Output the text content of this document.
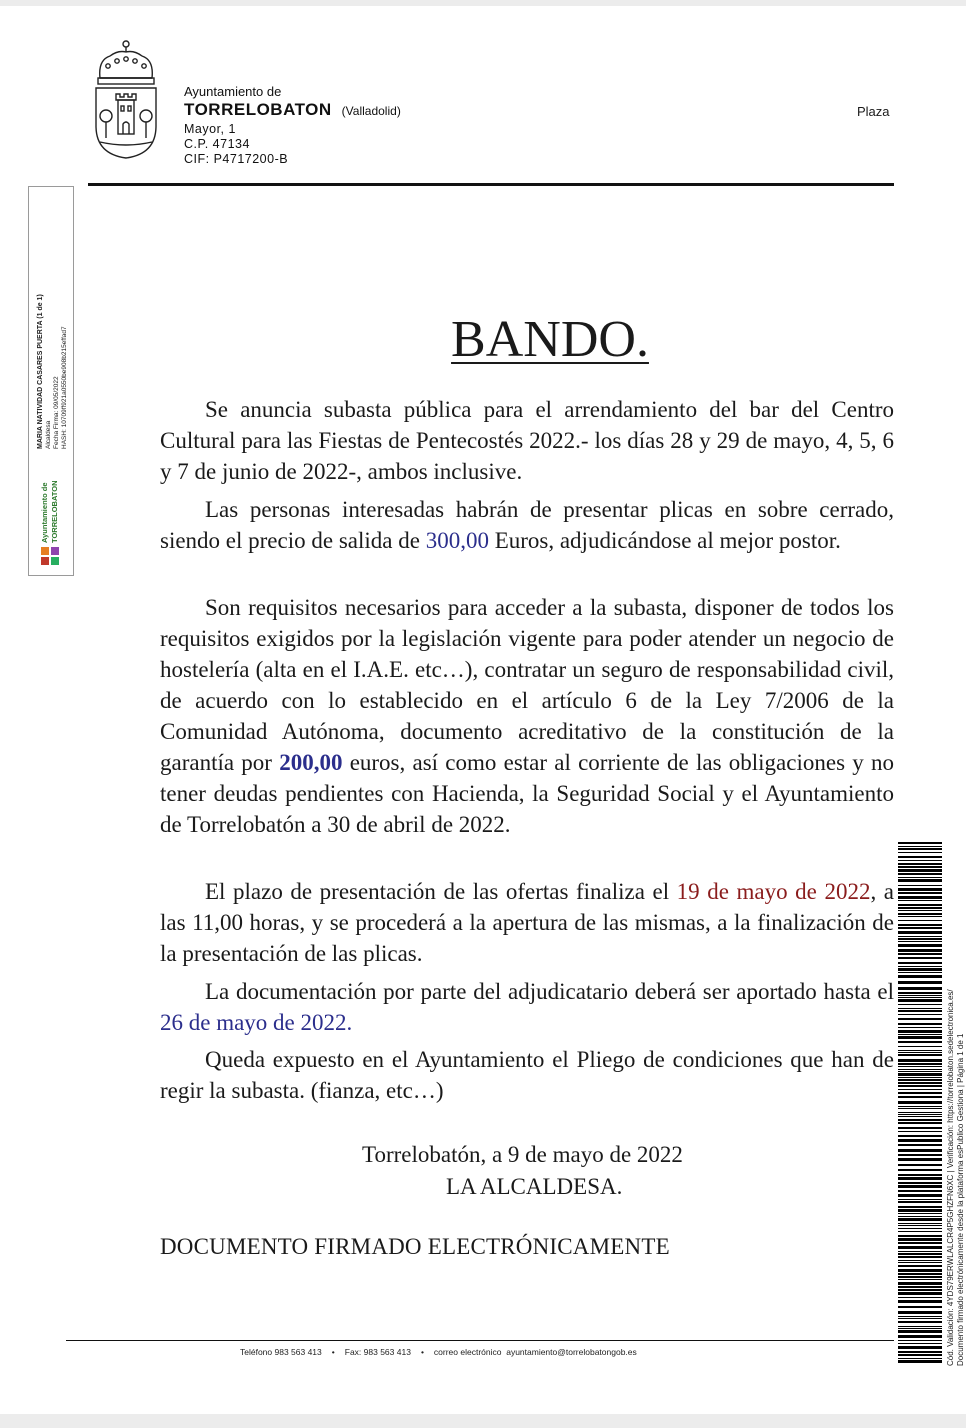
Ayuntamiento de
TORRELOBATON (Valladolid)
Mayor, 1
C.P. 47134
CIF: P4717200-B
Plaza
Ayuntamiento de TORRELOBATON
MARIA NATIVIDAD CASARES PUERTA (1 de 1) Alcaldesa Fecha Firma: 09/05/2022 HASH: 10709ff921a0550be908b215effad7	BANDO.

Se anuncia subasta pública para el arrendamiento del bar del Centro Cultural para las Fiestas de Pentecostés 2022.- los días 28 y 29 de mayo, 4, 5, 6 y 7 de junio de 2022-, ambos inclusive.

Las personas interesadas habrán de presentar plicas en sobre cerrado, siendo el precio de salida de 300,00 Euros, adjudicándose al mejor postor.

Son requisitos necesarios para acceder a la subasta, disponer de todos los requisitos exigidos por la legislación vigente para poder atender un negocio de hostelería (alta en el I.A.E. etc…), contratar un seguro de responsabilidad civil, de acuerdo con lo establecido en el artículo 6 de la Ley 7/2006 de la Comunidad Autónoma, documento acreditativo de la constitución de la garantía por 200,00 euros, así como estar al corriente de las obligaciones y no tener deudas pendientes con Hacienda, la Seguridad Social y el Ayuntamiento de Torrelobatón a 30 de abril de 2022.

El plazo de presentación de las ofertas finaliza el 19 de mayo de 2022, a las 11,00 horas, y se procederá a la apertura de las mismas, a la finalización de la presentación de las plicas.

La documentación por parte del adjudicatario deberá ser aportado hasta el 26 de mayo de 2022.

Queda expuesto en el Ayuntamiento el Pliego de condiciones que han de regir la subasta. (fianza, etc…)

Torrelobatón, a 9 de mayo de 2022
LA ALCALDESA.
DOCUMENTO FIRMADO ELECTRÓNICAMENTE
Teléfono 983 563 413 • Fax: 983 563 413 • correo electrónico ayuntamiento@torrelobatongob.es	Cód. Validación: 4YDS79ERWLALCR4P5GHZFN6XC | Verificación: https://torrelobaton.sedelectronica.es/ Documento firmado electrónicamente desde la plataforma esPublico Gestiona | Página 1 de 1
